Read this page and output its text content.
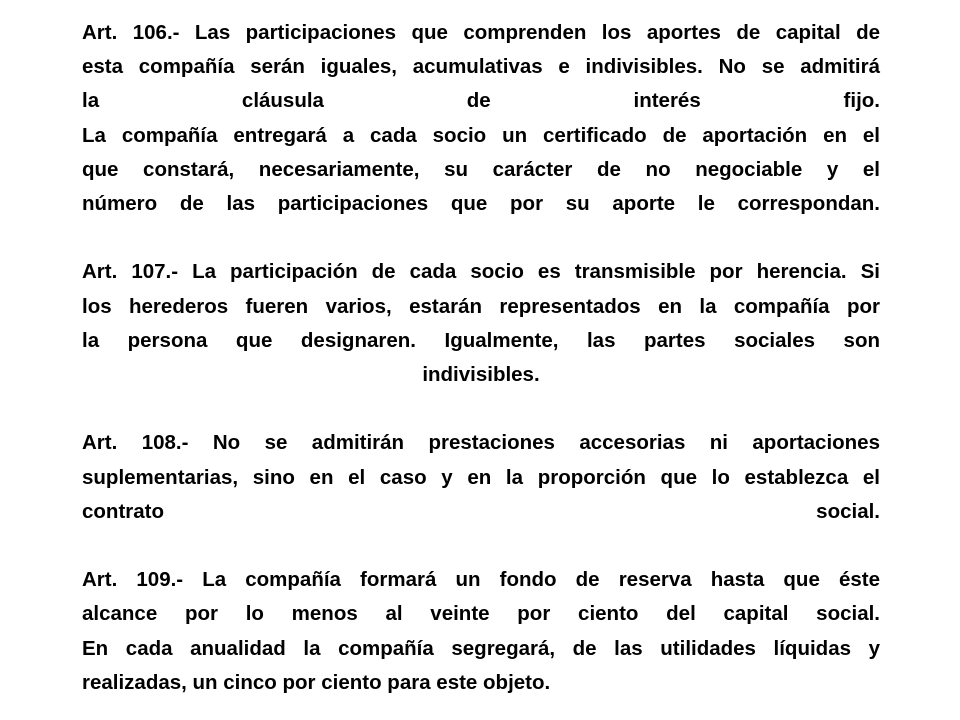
Art. 106.- Las participaciones que comprenden los aportes de capital de
esta compañía serán iguales, acumulativas e indivisibles. No se admitirá
la cláusula de interés fijo.
La compañía entregará a cada socio un certificado de aportación en el
que constará, necesariamente, su carácter de no negociable y el
número de las participaciones que por su aporte le correspondan.
Art. 107.- La participación de cada socio es transmisible por herencia. Si
los herederos fueren varios, estarán representados en la compañía por
la persona que designaren. Igualmente, las partes sociales son
indivisibles.
Art. 108.- No se admitirán prestaciones accesorias ni aportaciones
suplementarias, sino en el caso y en la proporción que lo establezca el
contrato social.
Art. 109.- La compañía formará un fondo de reserva hasta que éste
alcance por lo menos al veinte por ciento del capital social.
En cada anualidad la compañía segregará, de las utilidades líquidas y
realizadas, un cinco por ciento para este objeto.
